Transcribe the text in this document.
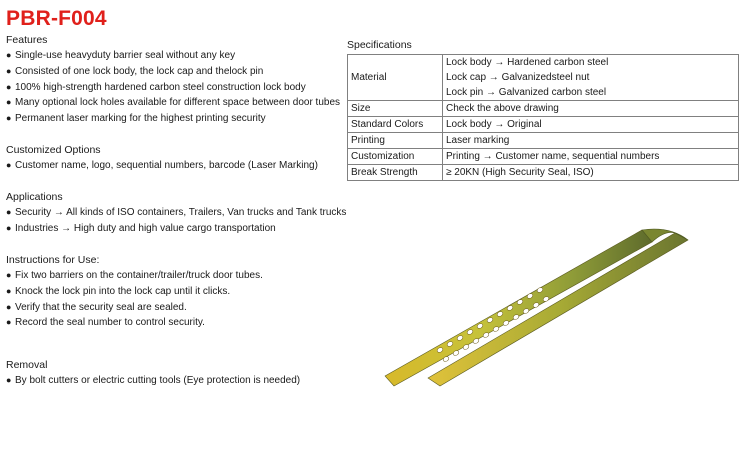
PBR-F004
Features
● Single-use heavyduty barrier seal without any key
● Consisted of one lock body, the lock cap and thelock pin
● 100% high-strength hardened carbon steel construction lock body
● Many optional lock holes available for different space between door tubes
● Permanent laser marking for the highest printing security
Customized Options
● Customer name, logo, sequential numbers, barcode (Laser Marking)
Applications
● Security → All kinds of ISO containers, Trailers, Van trucks and Tank trucks
● Industries → High duty and high value cargo transportation
Instructions for Use:
● Fix two barriers on the container/trailer/truck door tubes.
● Knock the lock pin into the lock cap until it clicks.
● Verify that the security seal are sealed.
● Record the seal number to control security.
Removal
● By bolt cutters or electric cutting tools (Eye protection is needed)
Specifications
Material	Lock body → Hardened carbon steel
Lock cap → Galvanizedsteel nut
Lock pin → Galvanized carbon steel

Size	Check the above drawing
Standard Colors	Lock body → Original
Printing	Laser marking
Customization	Printing → Customer name, sequential numbers
Break Strength	≥ 20KN (High Security Seal, ISO)
